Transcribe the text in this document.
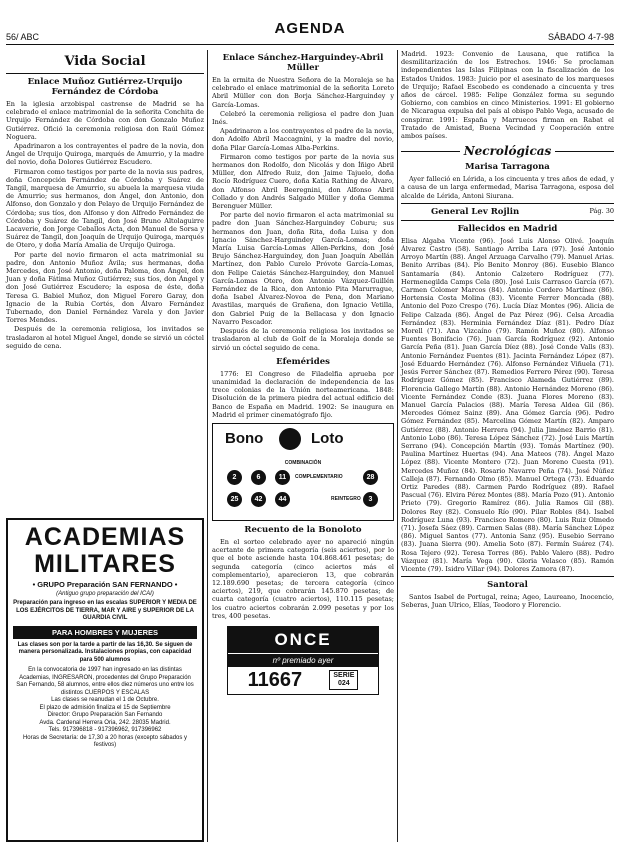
56/ ABC	AGENDA	SÁBADO 4-7-98
Vida Social
Enlace Muñoz Gutiérrez-Urquijo Fernández de Córdoba

En la iglesia arzobispal castrense de Madrid se ha celebrado el enlace matrimonial de la señorita Conchita de Urquijo Fernández de Córdoba con don Gonzalo Muñoz Gutiérrez. Ofició la ceremonia religiosa don Raúl Gómez Noguera.

Apadrinaron a los contrayentes el padre de la novia, don Ángel de Urquijo Quiroga, marqués de Amurrio, y la madre del novio, doña Dolores Gutiérrez Escudero.

Firmaron como testigos por parte de la novia sus padres, doña Concepción Fernández de Córdoba y Suárez de Tangil, marquesa de Amurrio, su abuela la marquesa viuda de Amurrio; sus hermanos, don Ángel, don Antonio, don Alfonso, don Gonzalo y don Pelayo de Urquijo Fernández de Córdoba; sus tíos, don Alfonso y don Alfredo Fernández de Córdoba y Suárez de Tangil, don José Bruno Altolaguirre Lacaverie, don Jorge Ceballos Acta, don Manuel de Sorsa y Suárez de Tangil, don Joaquín de Urquijo Quiroga, marqués de Otero, y doña María Amalia de Urquijo Quiroga.

Por parte del novio firmaron el acta matrimonial su padre, don Antonio Muñoz Ávila; sus hermanas, doña Mercedes, don José Antonio, doña Paloma, don Ángel, don Juan y doña Fátima Muñoz Gutiérrez; sus tíos, don Ángel y don José Gutiérrez Escudero; la esposa de éste, doña Teresa G. Babiel Muñoz, don Miguel Forero Garay, don Ignacio de la Rubia Cortés, don Álvaro Fernández Tubernado, don Daniel Fernández Varela y don Javier Torres Mendes.

Después de la ceremonia religiosa, los invitados se trasladaron al hotel Miguel Ángel, donde se sirvió un cóctel seguido de cena.

ACADEMIAS
MILITARES
• GRUPO Preparación SAN FERNANDO •
(Antiguo grupo preparación del ICAI)
Preparación para ingreso en las escalas SUPERIOR Y MEDIA DE LOS EJÉRCITOS DE TIERRA, MAR Y AIRE y SUPERIOR DE LA GUARDIA CIVIL
PARA HOMBRES Y MUJERES
Las clases son por la tarde a partir de las 16,30. Se siguen de manera personalizada. Instalaciones propias, con capacidad para 500 alumnos
En la convocatoria de 1997 han ingresado en las distintas Academias, INGRESARON, procedentes del Grupo Preparación San Fernando, 58 alumnos, entre ellos diez números uno entre los distintos CUERPOS Y ESCALAS
Las clases se reanudan el 1 de Octubre.
El plazo de admisión finaliza el 15 de Septiembre
Director: Grupo Preparación San Fernando
Avda. Cardenal Herrera Oria, 242. 28035 Madrid.
Tels. 917396818 - 917396962, 917396962
Horas de Secretaría: de 17,30 a 20 horas (excepto sábados y festivos)
Enlace Sánchez-Harguindey-Abril Müller

En la ermita de Nuestra Señora de la Moraleja se ha celebrado el enlace matrimonial de la señorita Loreto Abril Müller con don Borja Sánchez-Harguindey y García-Lomas.

Celebró la ceremonia religiosa el padre don Juan Inés.

Apadrinaron a los contrayentes el padre de la novia, don Adolfo Abril Maccagnini, y la madre del novio, doña Pilar García-Lomas Alba-Perkins.

Firmaron como testigos por parte de la novia sus hermanos don Rodolfo, don Nicolás y don Íñigo Abril Müller, don Alfredo Ruiz, don Jaime Tajuelo, doña Rocío Rodríguez Cuero, doña Katia Rathing de Álvaro, don Alfonso Abril Beeregnini, don Alfonso Abril Collado y don Andrés Salgado Müller y doña Gemma Berenguer Müller.

Por parte del novio firmaron el acta matrimonial su padre don Juan Sánchez-Harguindey Coburu; sus hermanos don Juan, doña Rita, doña Luisa y don Ignacio Sánchez-Harguindey García-Lomas; doña María Luisa García-Lomas Allen-Perkins, don José Brujo Sánchez-Harguindey, don Juan Joaquín Abellán Martínez, don Pablo Curelo Próvote García-Lomas, don Felipe Caietás Sánchez-Harguindey, don Manuel García-Lomas Otero, don Antonio Vázquez-Guillén Fernández de la Rica, don Antonio Pita Marurrague, doña Isabel Álvarez-Novoa de Pena, don Mariano Avastilas, marqués de Grañena, don Ignacio Vetilla, don Gabriel Puig de la Bellacasa y don Ignacio Navarro Pescador.

Después de la ceremonia religiosa los invitados se trasladaron al club de Golf de la Moraleja donde se sirvió un cóctel seguido de cena.

Efemérides

1776: El Congreso de Filadelfia aprueba por unanimidad la declaración de independencia de las trece colonias de la Unión norteamericana. 1848: Disolución de la primera piedra del actual edificio del Banco de España en Madrid. 1902: Se inaugura en Madrid el primer cinematógrafo fijo.

Bono	Loto
COMBINACIÓN
2	6	11	COMPLEMENTARIO	28
25	42	44	REINTEGRO	3
Recuento de la Bonoloto

En el sorteo celebrado ayer no apareció ningún acertante de primera categoría (seis aciertos), por lo que el bote asciende hasta 104.868.461 pesetas; de segunda categoría (cinco aciertos más el complementario), aparecieron 13, que cobrarán 12.189.690 pesetas; de tercera categoría (cinco aciertos), 219, que cobrarán 145.870 pesetas; de cuarta categoría (cuatro aciertos), 110.115 pesetas; los cuatro aciertos cobrarán 2.099 pesetas y por los tres, 400 pesetas.

ONCE
nº premiado ayer
11667	SERIE
024

Madrid. 1923: Convenio de Lausana, que ratifica la desmilitarización de los Estrechos. 1946: Se proclaman independientes las Islas Filipinas con la fiscalización de los Estados Unidos. 1983: Juicio por el asesinato de los marqueses de Urquijo; Rafael Escobedo es condenado a cincuenta y tres años de cárcel. 1985: Felipe González forma su segundo Gobierno, con cambios en cinco Ministerios. 1991: El gobierno de Nicaragua expulsa del país al obispo Pablo Vega, acusado de conspirar. 1991: España y Marruecos firman en Rabat el Tratado de Amistad, Buena Vecindad y Cooperación entre ambos países.

Necrológicas
Marisa Tarragona

Ayer falleció en Lérida, a los cincuenta y tres años de edad, y a causa de un larga enfermedad, Marisa Tarragona, esposa del alcalde de Lérida, Antoni Siurana.

General Lev Rojlin	Pág. 30
Fallecidos en Madrid

Elisa Algaba Vicente (96). José Luis Alonso Olivé. Joaquín Álvarez Castro (58). Santiago Arriba Lara (97). José Antonio Arroyo Martín (88). Ángel Arzuaga Carvalho (79). Manuel Arias. Benito Arribas (84). Pío Benito Monroy (86). Eusebio Blanco Santamaría (84). Antonio Calzetero Rodríguez (77). Hermenegilda Camps Cela (80). José Luis Carrasco García (67). Carmen Colomer Marcos (84). Antonio Cordero Martínez (86). Hortensia Costa Molina (83). Vicente Ferrer Moncada (88). Antonio del Pozo Crespo (76). Lucía Díaz Montes (96). Alicia de Felipe Calzada (86). Ángel de Paz Pérez (96). Celsa Arcadia Fernández (83). Herminia Fernández Díaz (81). Pedro Díaz Morell (71). Ana Vizcaíno (79). Ramón Muñoz (80). Alfonso Fuentes Bonifacio (76). Juan García Rodríguez (92). Antonio García Peña (81). Juan García Díez (88). José Conde Valls (83). Antonio Fernández Fuentes (81). Jacinta Fernández López (87). José Eduardo Hernández (76). Alfonso Fernández Viñuela (71). Jesús Ferrer Sánchez (87). Remedios Ferrero Pérez (90). Teresa Rodríguez Gómez (85). Francisco Alameda Gutiérrez (89). Florencia Gallego Martín (88). Antonio Hernández Moreno (86). Vicente Fernández Conde (83). Juana Flores Moreno (83). Manuel García Palacios (88). María Teresa Aldea Gil (86). Mercedes Gómez Sainz (89). Ana Gómez García (96). Pedro Gómez Fernández (85). Marcelina Gómez Martín (82). Amparo Gutiérrez (88). Antonio Herrera (94). Julia Jiménez Barrio (81). Antonio Lobo (86). Teresa López Sánchez (72). José Luis Martín Serrano (94). Concepción Martín (93). Tomás Martínez (90). Paulina Martínez Huertas (94). Ana Mateos (78). Ángel Mazo López (88). Vicente Montero (72). Juan Moreno Cuesta (91). Mercedes Muñoz (84). Rosario Navarro Peña (74). José Núñez Calleja (87). Fernando Olmo (85). Manuel Ortega (73). Eduardo Ortiz Paredes (88). Carmen Pardo Rodríguez (89). Rafael Pascual (76). Elvira Pérez Montes (88). María Pozo (91). Antonio Prieto (79). Gregorio Ramírez (86). Julia Ramos Gil (88). Dolores Rey (82). Consuelo Río (90). Pilar Robles (84). Isabel Rodríguez Luna (93). Francisco Romero (80). Luis Ruiz Olmedo (71). Josefa Sáez (89). Carmen Salas (88). María Sánchez López (86). Miguel Santos (77). Antonia Sanz (95). Eusebio Serrano (83). Juana Sierra (90). Amelia Soto (87). Fermín Suárez (74). Rosa Tejero (92). Teresa Torres (86). Pablo Valero (88). Pedro Vázquez (81). María Vega (90). Gloria Velasco (85). Ramón Vicente (79). Isidro Villar (94). Dolores Zamora (87).

Santoral

Santos Isabel de Portugal, reina; Ageo, Laureano, Inocencio, Seberas, Juan Ulrico, Elías, Teodoro y Florencio.
